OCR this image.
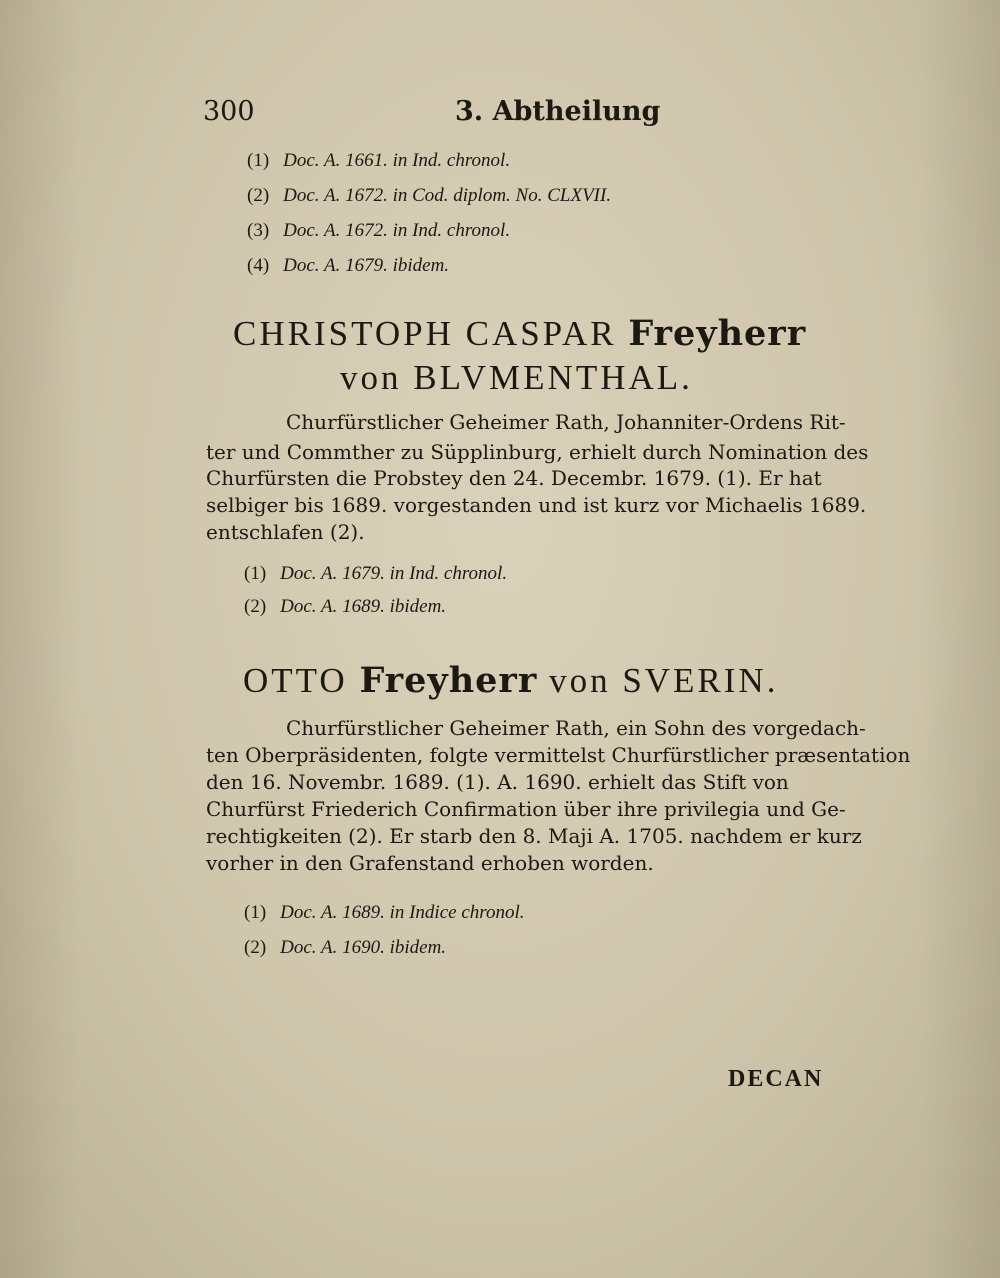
300	3. Abtheilung
(1) Doc. A. 1661. in Ind. chronol.
(2) Doc. A. 1672. in Cod. diplom. No. CLXVII.
(3) Doc. A. 1672. in Ind. chronol.
(4) Doc. A. 1679. ibidem.
CHRISTOPH CASPAR Freyherr
von BLVMENTHAL.
Churfürstlicher Geheimer Rath, Johanniter-Ordens Rit-
ter und Commther zu Süpplinburg, erhielt durch Nomination des
Churfürsten die Probstey den 24. Decembr. 1679. (1). Er hat
selbiger bis 1689. vorgestanden und ist kurz vor Michaelis 1689.
entschlafen (2).
(1) Doc. A. 1679. in Ind. chronol.
(2) Doc. A. 1689. ibidem.
OTTO Freyherr von SVERIN.
Churfürstlicher Geheimer Rath, ein Sohn des vorgedach-
ten Oberpräsidenten, folgte vermittelst Churfürstlicher præsentation
den 16. Novembr. 1689. (1). A. 1690. erhielt das Stift von
Churfürst Friederich Confirmation über ihre privilegia und Ge-
rechtigkeiten (2). Er starb den 8. Maji A. 1705. nachdem er kurz
vorher in den Grafenstand erhoben worden.
(1) Doc. A. 1689. in Indice chronol.
(2) Doc. A. 1690. ibidem.
DECAN
